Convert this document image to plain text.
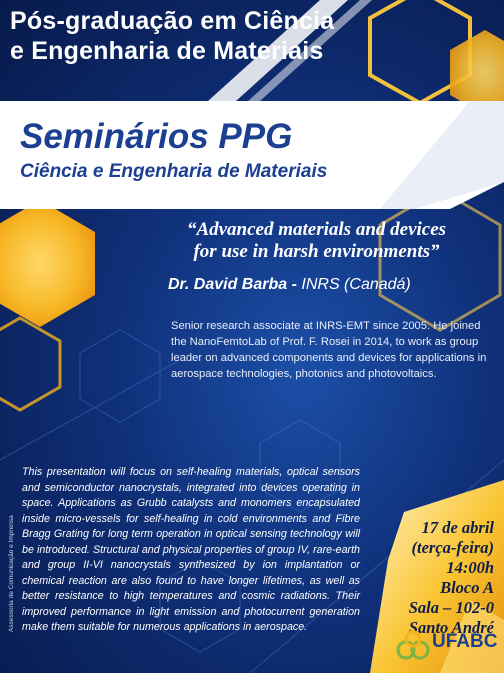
Pós-graduação em Ciência
e Engenharia de Materiais
Seminários PPG
Ciência e Engenharia de Materiais
“Advanced materials and devices
for use in harsh environments”
Dr. David Barba - INRS (Canadá)
Senior research associate at INRS-EMT since 2005. He joined the NanoFemtoLab of Prof. F. Rosei in 2014, to work as group leader on advanced components and devices for applications in aerospace technologies, photonics and photovoltaics.
This presentation will focus on self-healing materials, optical sensors and semiconductor nanocrystals, integrated into devices operating in space. Applications as Grubb catalysts and monomers encapsulated inside micro-vessels for self-healing in cold environments and Fibre Bragg Grating for long term operation in optical sensing technology will be introduced. Structural and physical properties of group IV, rare-earth and group II-VI nanocrystals synthesized by ion implantation or chemical reaction are also found to have longer lifetimes, as well as better resistance to high temperatures and cosmic radiations. Their improved performance in light emission and photocurrent generation make them suitable for numerous applications in aerospace.
Assessoria de Comunicação e Imprensa	17 de abril
(terça-feira)
14:00h
Bloco A
Sala – 102-0
Santo André
UFABC
